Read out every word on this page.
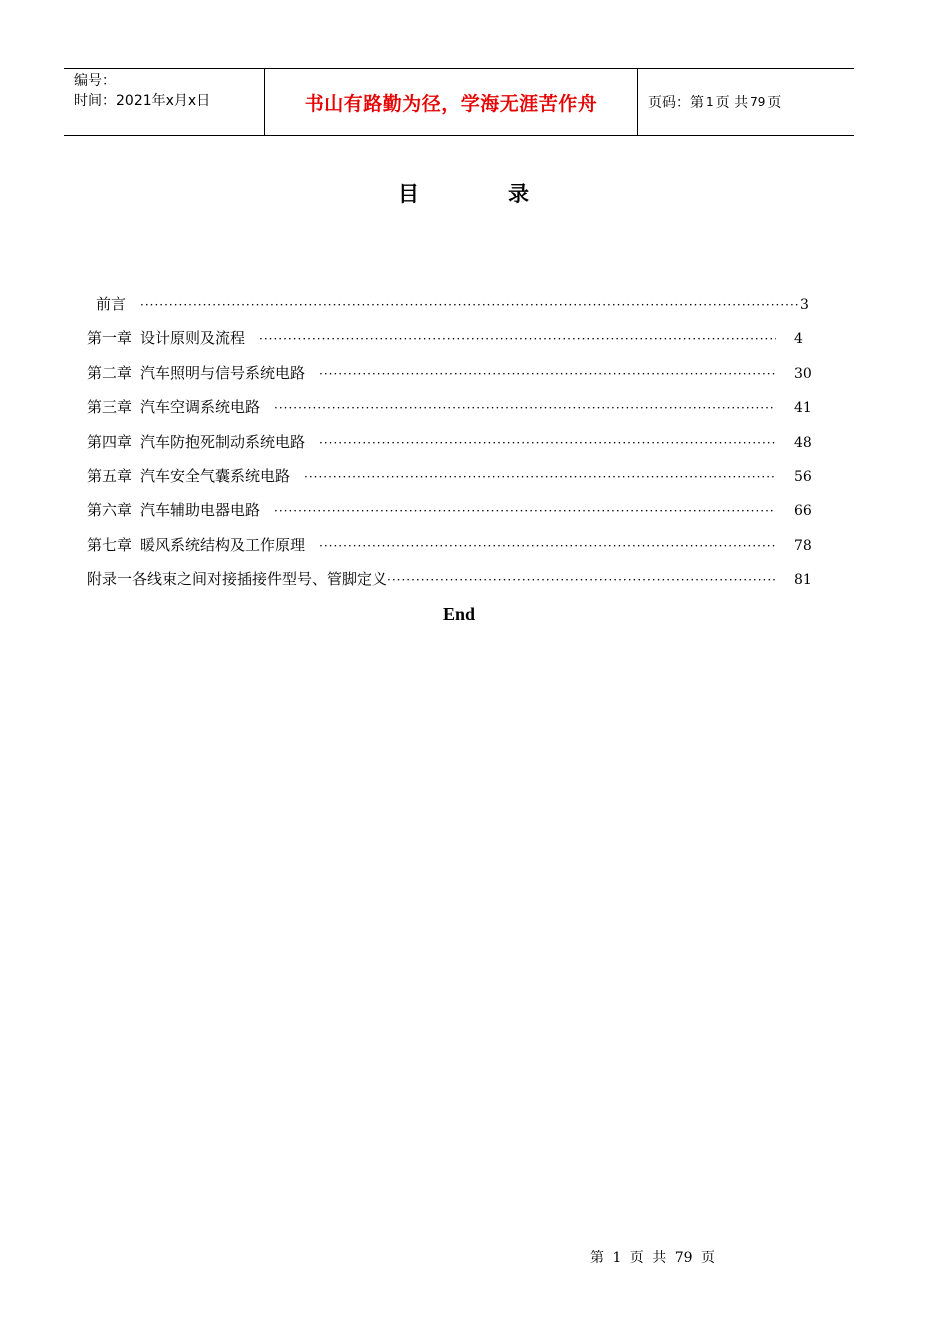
编号：
时间：2021年x月x日	书山有路勤为径，学海无涯苦作舟	页码：第 1 页 共 79 页
目	录
前言 ·····	3
第一章 设计原则及流程 ·····	4
第二章 汽车照明与信号系统电路 ·····	30
第三章 汽车空调系统电路 ·····	41
第四章 汽车防抱死制动系统电路 ·····	48
第五章 汽车安全气囊系统电路 ·····	56
第六章 汽车辅助电器电路 ·····	66
第七章 暖风系统结构及工作原理 ·····	78
附录一各线束之间对接插接件型号、管脚定义 ·····	81
End
第 1 页 共 79 页
